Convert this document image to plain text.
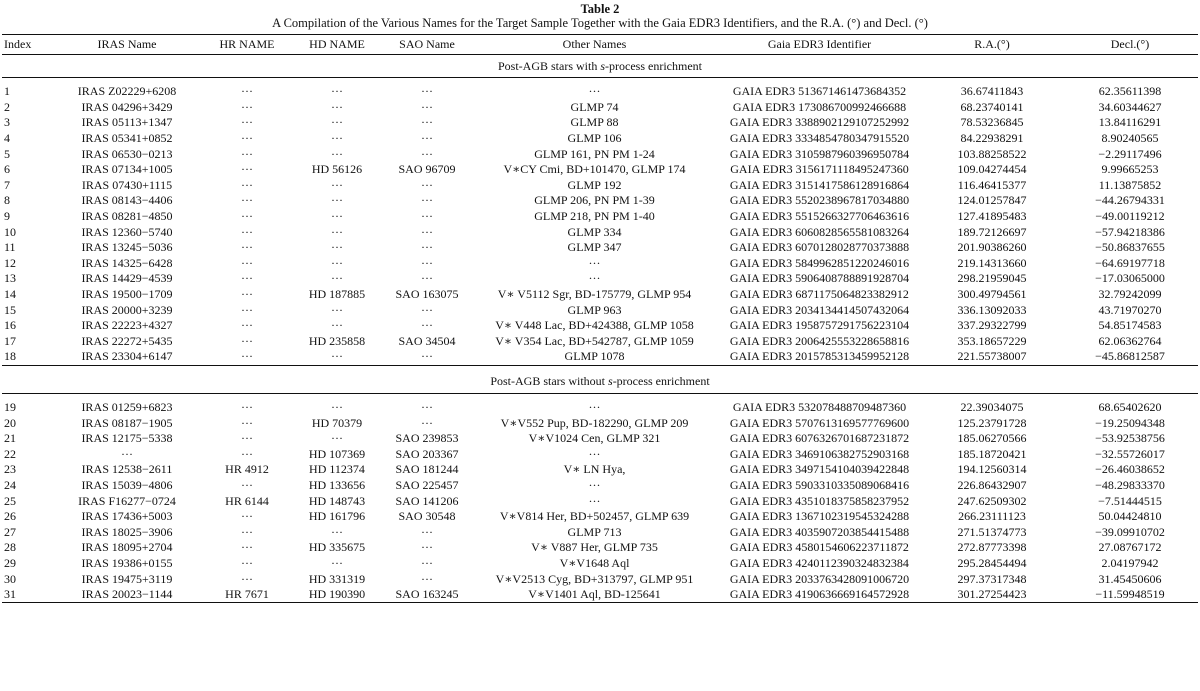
Table 2
A Compilation of the Various Names for the Target Sample Together with the Gaia EDR3 Identifiers, and the R.A. (°) and Decl. (°)
Index	IRAS Name	HR NAME	HD NAME	SAO Name	Other Names	Gaia EDR3 Identifier	R.A.(°)	Decl.(°)
Post-AGB stars with s-process enrichment								

1	IRAS Z02229+6208	···	···	···	···	GAIA EDR3 513671461473684352	36.67411843	62.35611398
2	IRAS 04296+3429	···	···	···	GLMP 74	GAIA EDR3 173086700992466688	68.23740141	34.60344627
3	IRAS 05113+1347	···	···	···	GLMP 88	GAIA EDR3 3388902129107252992	78.53236845	13.84116291
4	IRAS 05341+0852	···	···	···	GLMP 106	GAIA EDR3 3334854780347915520	84.22938291	8.90240565
5	IRAS 06530−0213	···	···	···	GLMP 161, PN PM 1-24	GAIA EDR3 3105987960396950784	103.88258522	−2.29117496
6	IRAS 07134+1005	···	HD 56126	SAO 96709	V∗CY Cmi, BD+101470, GLMP 174	GAIA EDR3 3156171118495247360	109.04274454	9.99665253
7	IRAS 07430+1115	···	···	···	GLMP 192	GAIA EDR3 3151417586128916864	116.46415377	11.13875852
8	IRAS 08143−4406	···	···	···	GLMP 206, PN PM 1-39	GAIA EDR3 5520238967817034880	124.01257847	−44.26794331
9	IRAS 08281−4850	···	···	···	GLMP 218, PN PM 1-40	GAIA EDR3 5515266327706463616	127.41895483	−49.00119212
10	IRAS 12360−5740	···	···	···	GLMP 334	GAIA EDR3 6060828565581083264	189.72126697	−57.94218386
11	IRAS 13245−5036	···	···	···	GLMP 347	GAIA EDR3 6070128028770373888	201.90386260	−50.86837655
12	IRAS 14325−6428	···	···	···	···	GAIA EDR3 5849962851220246016	219.14313660	−64.69197718
13	IRAS 14429−4539	···	···	···	···	GAIA EDR3 5906408788891928704	298.21959045	−17.03065000
14	IRAS 19500−1709	···	HD 187885	SAO 163075	V∗ V5112 Sgr, BD-175779, GLMP 954	GAIA EDR3 6871175064823382912	300.49794561	32.79242099
15	IRAS 20000+3239	···	···	···	GLMP 963	GAIA EDR3 2034134414507432064	336.13092033	43.71970270
16	IRAS 22223+4327	···	···	···	V∗ V448 Lac, BD+424388, GLMP 1058	GAIA EDR3 1958757291756223104	337.29322799	54.85174583
17	IRAS 22272+5435	···	HD 235858	SAO 34504	V∗ V354 Lac, BD+542787, GLMP 1059	GAIA EDR3 2006425553228658816	353.18657229	62.06362764
18	IRAS 23304+6147	···	···	···	GLMP 1078	GAIA EDR3 2015785313459952128	221.55738007	−45.86812587

Post-AGB stars without s-process enrichment								

19	IRAS 01259+6823	···	···	···	···	GAIA EDR3 532078488709487360	22.39034075	68.65402620
20	IRAS 08187−1905	···	HD 70379	···	V∗V552 Pup, BD-182290, GLMP 209	GAIA EDR3 5707613169577769600	125.23791728	−19.25094348
21	IRAS 12175−5338	···	···	SAO 239853	V∗V1024 Cen, GLMP 321	GAIA EDR3 6076326701687231872	185.06270566	−53.92538756
22	···	···	HD 107369	SAO 203367	···	GAIA EDR3 3469106382752903168	185.18720421	−32.55726017
23	IRAS 12538−2611	HR 4912	HD 112374	SAO 181244	V∗ LN Hya,	GAIA EDR3 3497154104039422848	194.12560314	−26.46038652
24	IRAS 15039−4806	···	HD 133656	SAO 225457	···	GAIA EDR3 5903310335089068416	226.86432907	−48.29833370
25	IRAS F16277−0724	HR 6144	HD 148743	SAO 141206	···	GAIA EDR3 4351018375858237952	247.62509302	−7.51444515
26	IRAS 17436+5003	···	HD 161796	SAO 30548	V∗V814 Her, BD+502457, GLMP 639	GAIA EDR3 1367102319545324288	266.23111123	50.04424810
27	IRAS 18025−3906	···	···	···	GLMP 713	GAIA EDR3 4035907203854415488	271.51374773	−39.09910702
28	IRAS 18095+2704	···	HD 335675	···	V∗ V887 Her, GLMP 735	GAIA EDR3 4580154606223711872	272.87773398	27.08767172
29	IRAS 19386+0155	···	···	···	V∗V1648 Aql	GAIA EDR3 4240112390324832384	295.28454494	2.04197942
30	IRAS 19475+3119	···	HD 331319	···	V∗V2513 Cyg, BD+313797, GLMP 951	GAIA EDR3 2033763428091006720	297.37317348	31.45450606
31	IRAS 20023−1144	HR 7671	HD 190390	SAO 163245	V∗V1401 Aql, BD-125641	GAIA EDR3 4190636669164572928	301.27254423	−11.59948519
